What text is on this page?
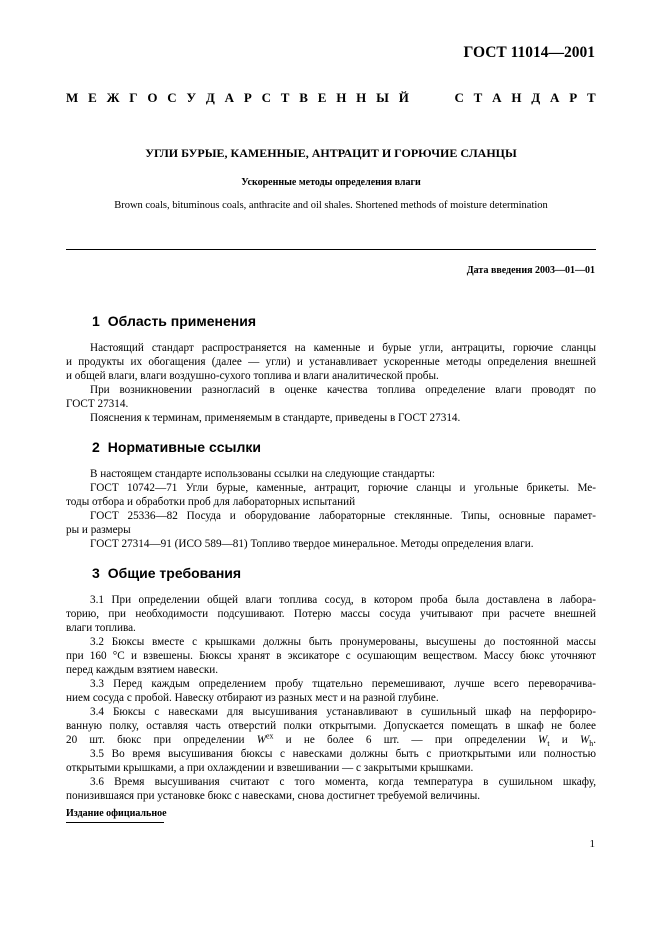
ГОСТ 11014—2001
М Е Ж Г О С У Д А Р С Т В Е Н Н Ы Й	С Т А Н Д А Р Т
УГЛИ БУРЫЕ, КАМЕННЫЕ, АНТРАЦИТ И ГОРЮЧИЕ СЛАНЦЫ
Ускоренные методы определения влаги
Brown coals, bituminous coals, anthracite and oil shales. Shortened methods of moisture determination
Дата введения 2003—01—01
1 Область применения
Настоящий стандарт распространяется на каменные и бурые угли, антрациты, горючие сланцы
и продукты их обогащения (далее — угли) и устанавливает ускоренные методы определения внешней
и общей влаги, влаги воздушно-сухого топлива и влаги аналитической пробы.
При возникновении разногласий в оценке качества топлива определение влаги проводят по
ГОСТ 27314.
Пояснения к терминам, применяемым в стандарте, приведены в ГОСТ 27314.
2 Нормативные ссылки
В настоящем стандарте использованы ссылки на следующие стандарты:
ГОСТ 10742—71 Угли бурые, каменные, антрацит, горючие сланцы и угольные брикеты. Ме-
тоды отбора и обработки проб для лабораторных испытаний
ГОСТ 25336—82 Посуда и оборудование лабораторные стеклянные. Типы, основные парамет-
ры и размеры
ГОСТ 27314—91 (ИСО 589—81) Топливо твердое минеральное. Методы определения влаги.
3 Общие требования
3.1 При определении общей влаги топлива сосуд, в котором проба была доставлена в лабора-
торию, при необходимости подсушивают. Потерю массы сосуда учитывают при расчете внешней
влаги топлива.
3.2 Бюксы вместе с крышками должны быть пронумерованы, высушены до постоянной массы
при 160 °С и взвешены. Бюксы хранят в эксикаторе с осушающим веществом. Массу бюкс уточняют
перед каждым взятием навески.
3.3 Перед каждым определением пробу тщательно перемешивают, лучше всего переворачива-
нием сосуда с пробой. Навеску отбирают из разных мест и на разной глубине.
3.4 Бюксы с навесками для высушивания устанавливают в сушильный шкаф на перфориро-
ванную полку, оставляя часть отверстий полки открытыми. Допускается помещать в шкаф не более
20 шт. бюкс при определении $W^{ex}$ и не более 6 шт. — при определении $W_t$ и $W_h$.
3.5 Во время высушивания бюксы с навесками должны быть с приоткрытыми или полностью
открытыми крышками, а при охлаждении и взвешивании — с закрытыми крышками.
3.6 Время высушивания считают с того момента, когда температура в сушильном шкафу,
понизившаяся при установке бюкс с навесками, снова достигнет требуемой величины.
Издание официальное
1
